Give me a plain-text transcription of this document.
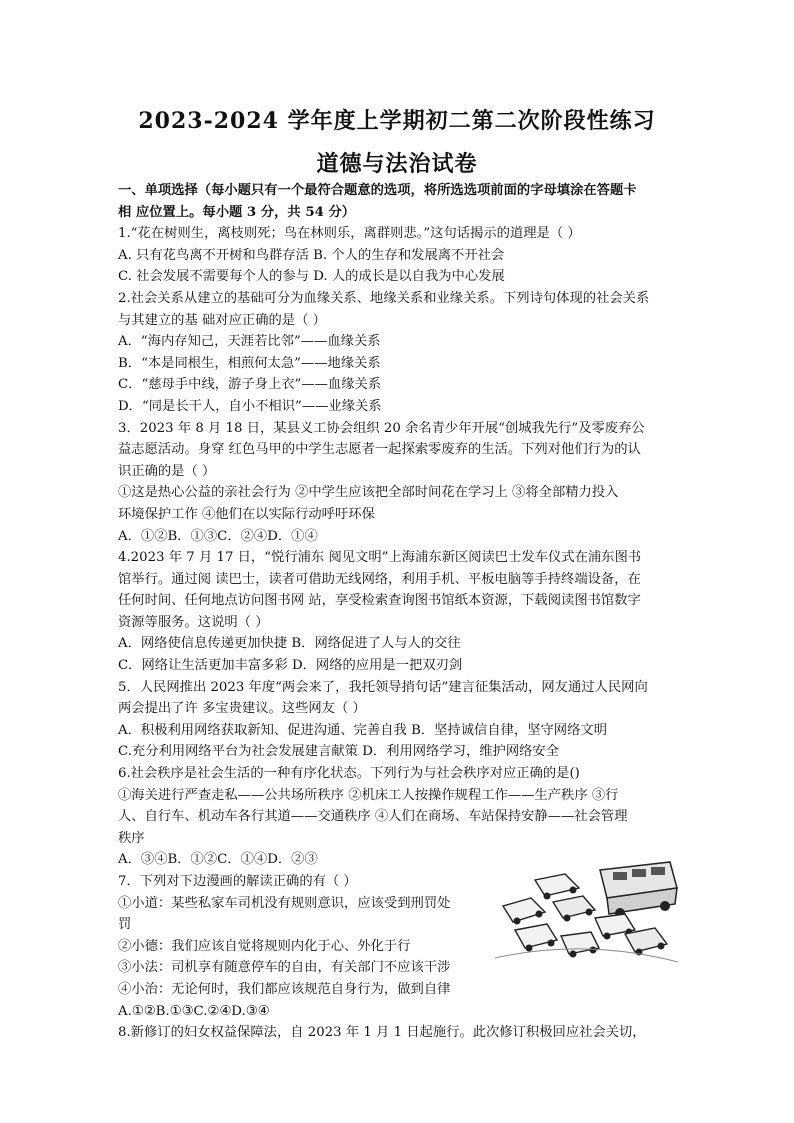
2023-2024 学年度上学期初二第二次阶段性练习
道德与法治试卷
一、单项选择（每小题只有一个最符合题意的选项，将所选选项前面的字母填涂在答题卡
相 应位置上。每小题 3 分，共 54 分）
1.“花在树则生，离枝则死；鸟在林则乐，离群则悲。”这句话揭示的道理是（ ）
A. 只有花鸟离不开树和鸟群存活 B. 个人的生存和发展离不开社会
C. 社会发展不需要每个人的参与 D. 人的成长是以自我为中心发展
2.社会关系从建立的基础可分为血缘关系、地缘关系和业缘关系。下列诗句体现的社会关系
与其建立的基 础对应正确的是（ ）
A．“海内存知己，天涯若比邻”——血缘关系
B．“本是同根生，相煎何太急”——地缘关系
C．“慈母手中线，游子身上衣”——血缘关系
D．“同是长干人，自小不相识”——业缘关系
3．2023 年 8 月 18 日，某县义工协会组织 20 余名青少年开展“创城我先行”及零废弃公
益志愿活动。身穿 红色马甲的中学生志愿者一起探索零废弃的生活。下列对他们行为的认
识正确的是（ ）
①这是热心公益的亲社会行为 ②中学生应该把全部时间花在学习上 ③将全部精力投入
环境保护工作 ④他们在以实际行动呼吁环保
A．①②B．①③C．②④D．①④
4.2023 年 7 月 17 日，“悦行浦东 阅见文明”上海浦东新区阅读巴士发车仪式在浦东图书
馆举行。通过阅 读巴士，读者可借助无线网络，利用手机、平板电脑等手持终端设备，在
任何时间、任何地点访问图书网 站，享受检索查询图书馆纸本资源，下载阅读图书馆数字
资源等服务。这说明（ ）
A．网络使信息传递更加快捷 B．网络促进了人与人的交往
C．网络让生活更加丰富多彩 D．网络的应用是一把双刃剑
5．人民网推出 2023 年度“两会来了，我托领导捎句话”建言征集活动，网友通过人民网向
两会提出了许 多宝贵建议。这些网友（ ）
A．积极利用网络获取新知、促进沟通、完善自我 B．坚持诚信自律，坚守网络文明
C.充分利用网络平台为社会发展建言献策 D．利用网络学习，维护网络安全
6.社会秩序是社会生活的一种有序化状态。下列行为与社会秩序对应正确的是()
①海关进行严查走私——公共场所秩序 ②机床工人按操作规程工作——生产秩序 ③行
人、自行车、机动车各行其道——交通秩序 ④人们在商场、车站保持安静——社会管理
秩序
A．③④B．①②C．①④D．②③
7．下列对下边漫画的解读正确的有（ ）
①小道：某些私家车司机没有规则意识，应该受到刑罚处
罚
②小德：我们应该自觉将规则内化于心、外化于行
③小法：司机享有随意停车的自由，有关部门不应该干涉
④小治：无论何时，我们都应该规范自身行为，做到自律
A.①②B.①③C.②④D.③④
8.新修订的妇女权益保障法，自 2023 年 1 月 1 日起施行。此次修订积极回应社会关切，
